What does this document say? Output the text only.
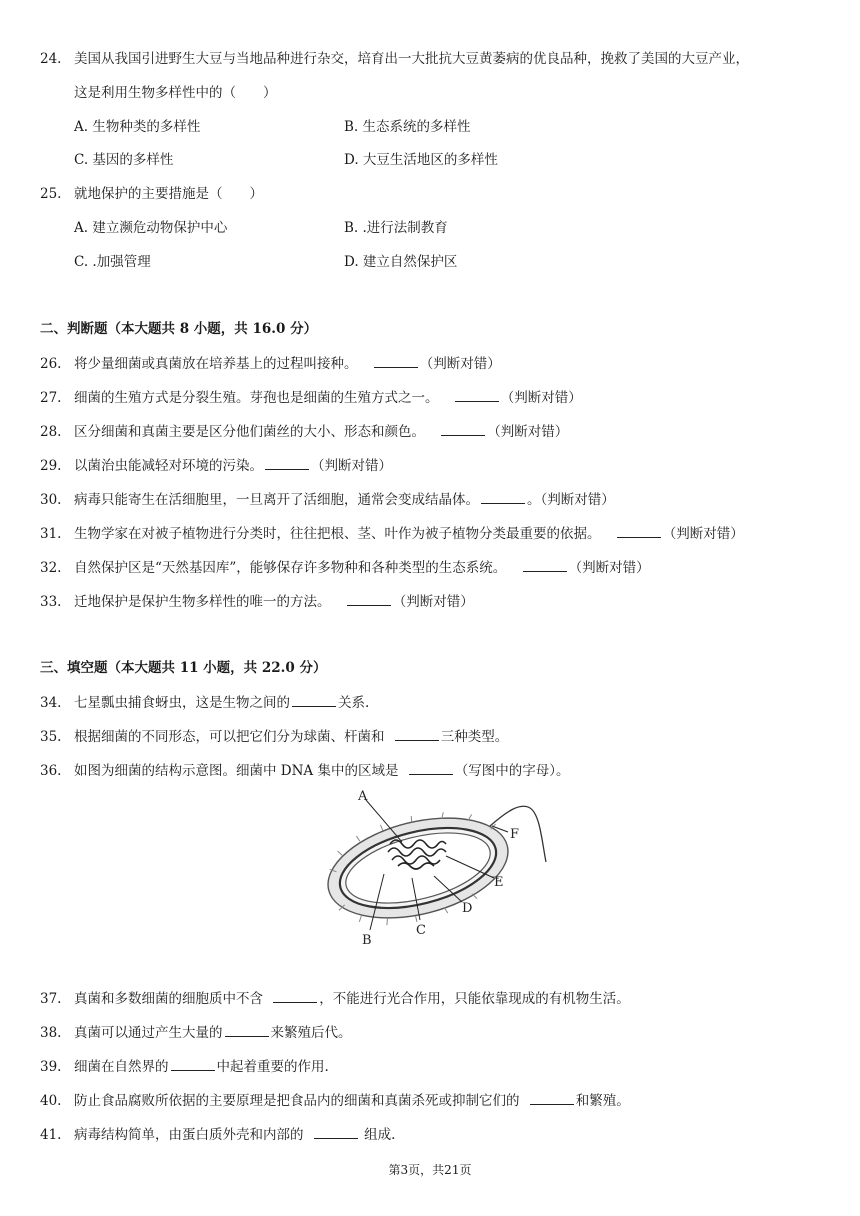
24. 美国从我国引进野生大豆与当地品种进行杂交，培育出一大批抗大豆黄萎病的优良品种，挽救了美国的大豆产业，
这是利用生物多样性中的（　　）
A. 生物种类的多样性	B. 生态系统的多样性
C. 基因的多样性	D. 大豆生活地区的多样性
25. 就地保护的主要措施是（　　）
A. 建立濒危动物保护中心	B. .进行法制教育
C. .加强管理	D. 建立自然保护区
二、判断题（本大题共 8 小题，共 16.0 分）
26. 将少量细菌或真菌放在培养基上的过程叫接种。	（判断对错）
27. 细菌的生殖方式是分裂生殖。芽孢也是细菌的生殖方式之一。	（判断对错）
28. 区分细菌和真菌主要是区分他们菌丝的大小、形态和颜色。	（判断对错）
29. 以菌治虫能减轻对环境的污染。	（判断对错）
30. 病毒只能寄生在活细胞里，一旦离开了活细胞，通常会变成结晶体。	。（判断对错）
31. 生物学家在对被子植物进行分类时，往往把根、茎、叶作为被子植物分类最重要的依据。	（判断对错）
32. 自然保护区是“天然基因库”，能够保存许多物种和各种类型的生态系统。	（判断对错）
33. 迁地保护是保护生物多样性的唯一的方法。	（判断对错）
三、填空题（本大题共 11 小题，共 22.0 分）
34. 七星瓢虫捕食蚜虫，这是生物之间的	关系.
35. 根据细菌的不同形态，可以把它们分为球菌、杆菌和	三种类型。
36. 如图为细菌的结构示意图。细菌中 DNA 集中的区域是	（写图中的字母）。
A
B
C
D
E
F
37. 真菌和多数细菌的细胞质中不含	，不能进行光合作用，只能依靠现成的有机物生活。
38. 真菌可以通过产生大量的	来繁殖后代。
39. 细菌在自然界的	中起着重要的作用.
40. 防止食品腐败所依据的主要原理是把食品内的细菌和真菌杀死或抑制它们的	和繁殖。
41. 病毒结构简单，由蛋白质外壳和内部的	组成.
第3页，共21页
